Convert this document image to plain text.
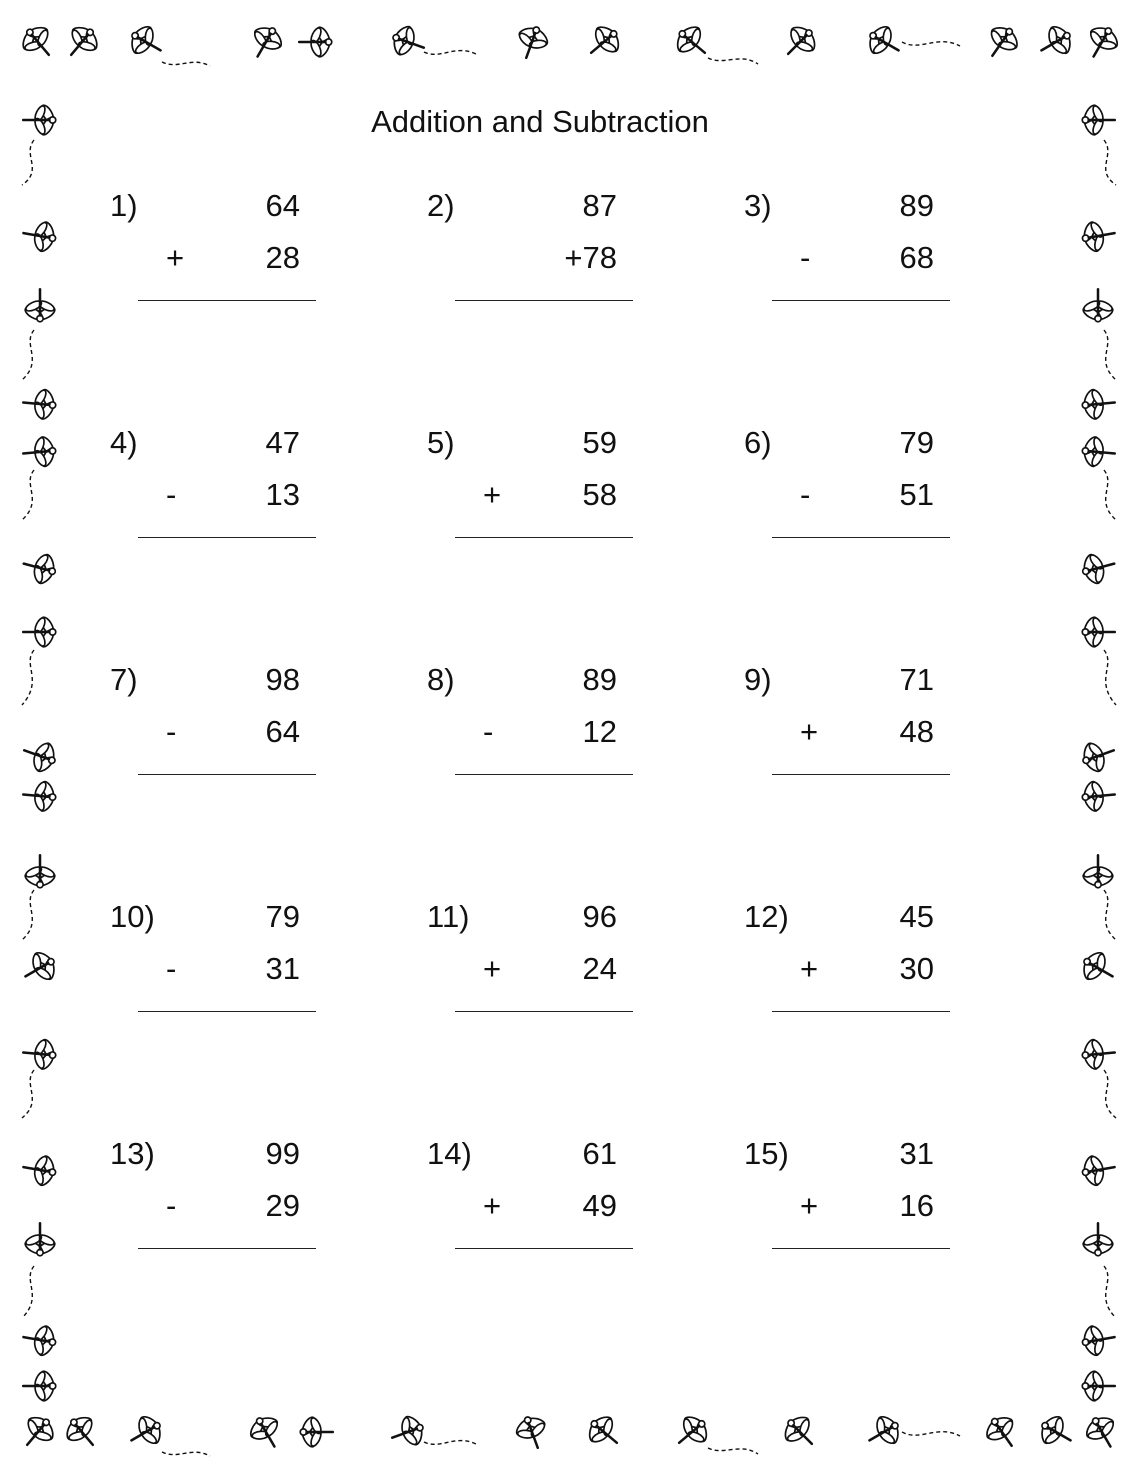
Addition and Subtraction
1)	64
+	28
2)	87
+78
3)	89
-	68
4)	47
-	13
5)	59
+	58
6)	79
-	51
7)	98
-	64
8)	89
-	12
9)	71
+	48
10)	79
-	31
11)	96
+	24
12)	45
+	30
13)	99
-	29
14)	61
+	49
15)	31
+	16
